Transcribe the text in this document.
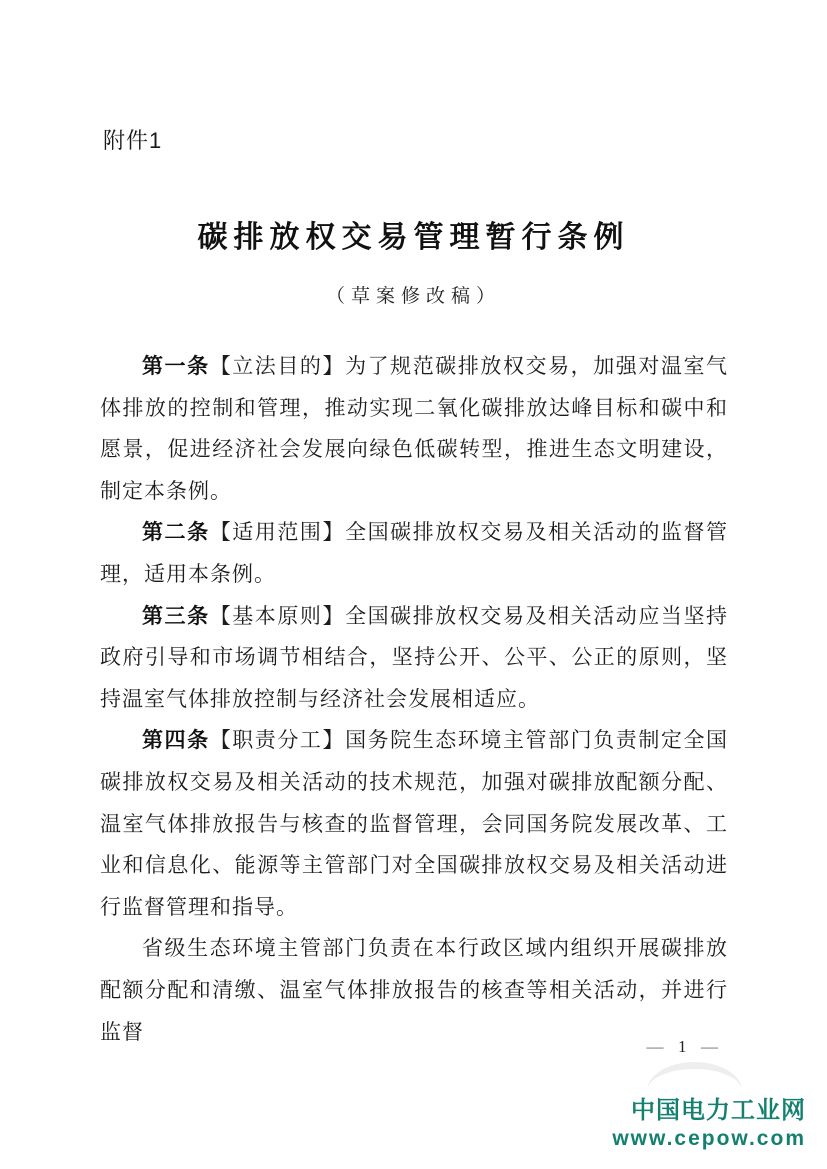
附件1
碳排放权交易管理暂行条例
（草案修改稿）

第一条【立法目的】为了规范碳排放权交易，加强对温室气体排放的控制和管理，推动实现二氧化碳排放达峰目标和碳中和愿景，促进经济社会发展向绿色低碳转型，推进生态文明建设，制定本条例。

第二条【适用范围】全国碳排放权交易及相关活动的监督管理，适用本条例。

第三条【基本原则】全国碳排放权交易及相关活动应当坚持政府引导和市场调节相结合，坚持公开、公平、公正的原则，坚持温室气体排放控制与经济社会发展相适应。

第四条【职责分工】国务院生态环境主管部门负责制定全国碳排放权交易及相关活动的技术规范，加强对碳排放配额分配、温室气体排放报告与核查的监督管理，会同国务院发展改革、工业和信息化、能源等主管部门对全国碳排放权交易及相关活动进行监督管理和指导。

省级生态环境主管部门负责在本行政区域内组织开展碳排放配额分配和清缴、温室气体排放报告的核查等相关活动，并进行监督

— 1 —
中国电力工业网
www.cepow.com
